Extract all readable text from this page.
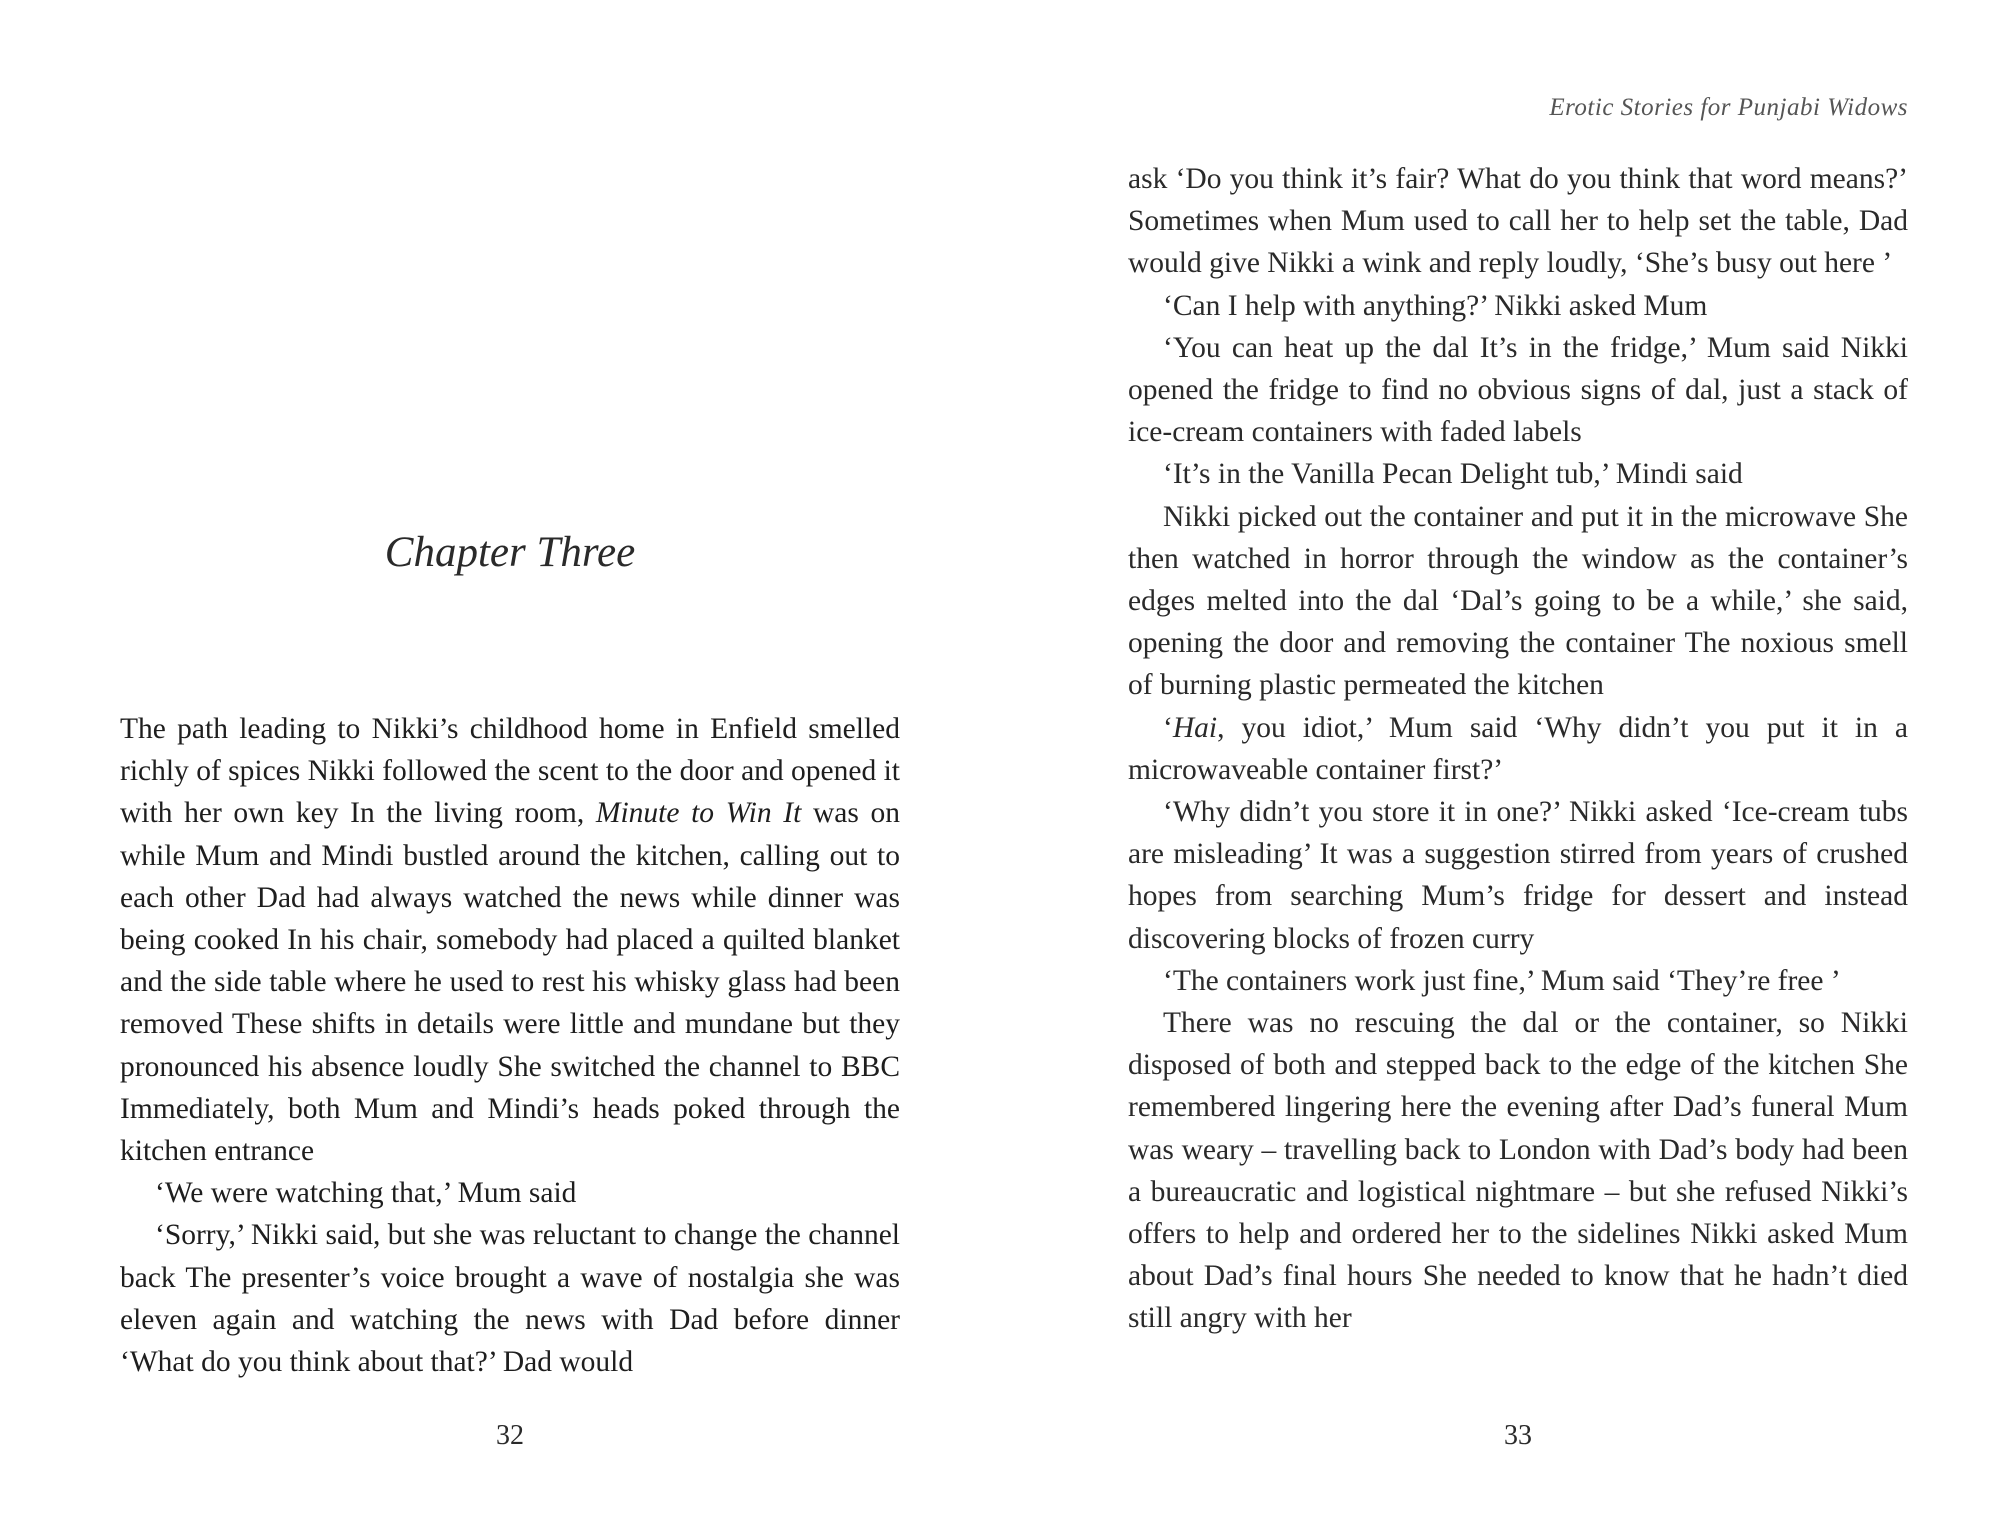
Chapter Three

The path leading to Nikki’s childhood home in Enfield smelled richly of spices Nikki followed the scent to the door and opened it with her own key In the living room, Minute to Win It was on while Mum and Mindi bustled around the kitchen, calling out to each other Dad had always watched the news while dinner was being cooked In his chair, somebody had placed a quilted blanket and the side table where he used to rest his whisky glass had been removed These shifts in details were little and mundane but they pronounced his absence loudly She switched the channel to BBC Immediately, both Mum and Mindi’s heads poked through the kitchen entrance

‘We were watching that,’ Mum said

‘Sorry,’ Nikki said, but she was reluctant to change the channel back The presenter’s voice brought a wave of nostalgia she was eleven again and watching the news with Dad before dinner ‘What do you think about that?’ Dad would

32
Erotic Stories for Punjabi Widows

ask ‘Do you think it’s fair? What do you think that word means?’ Sometimes when Mum used to call her to help set the table, Dad would give Nikki a wink and reply loudly, ‘She’s busy out here ’

‘Can I help with anything?’ Nikki asked Mum

‘You can heat up the dal It’s in the fridge,’ Mum said Nikki opened the fridge to find no obvious signs of dal, just a stack of ice-cream containers with faded labels

‘It’s in the Vanilla Pecan Delight tub,’ Mindi said

Nikki picked out the container and put it in the microwave She then watched in horror through the window as the container’s edges melted into the dal ‘Dal’s going to be a while,’ she said, opening the door and removing the container The noxious smell of burning plastic permeated the kitchen

‘Hai, you idiot,’ Mum said ‘Why didn’t you put it in a microwaveable container first?’

‘Why didn’t you store it in one?’ Nikki asked ‘Ice-cream tubs are misleading’ It was a suggestion stirred from years of crushed hopes from searching Mum’s fridge for dessert and instead discovering blocks of frozen curry

‘The containers work just fine,’ Mum said ‘They’re free ’

There was no rescuing the dal or the container, so Nikki disposed of both and stepped back to the edge of the kitchen She remembered lingering here the evening after Dad’s funeral Mum was weary – travelling back to London with Dad’s body had been a bureaucratic and logistical nightmare – but she refused Nikki’s offers to help and ordered her to the sidelines Nikki asked Mum about Dad’s final hours She needed to know that he hadn’t died still angry with her

33
